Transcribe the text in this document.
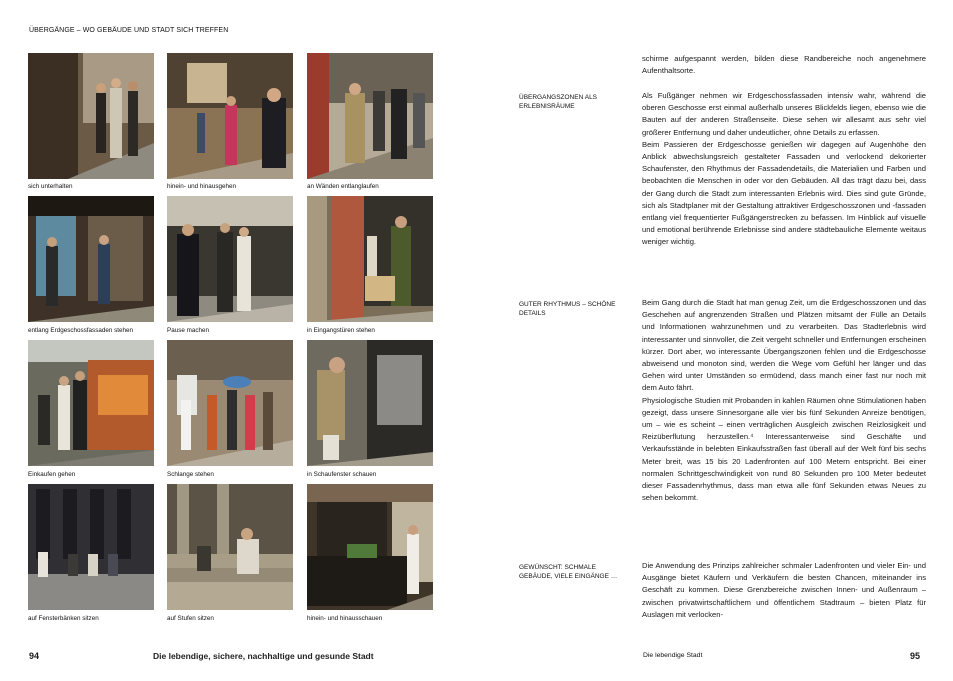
ÜBERGÄNGE – WO GEBÄUDE UND STADT SICH TREFFEN
sich unterhalten	hinein- und hinausgehen	an Wänden entlanglaufen
entlang Erdgeschossfassaden stehen	Pause machen	in Eingangstüren stehen
Einkaufen gehen	Schlange stehen	in Schaufenster schauen
auf Fensterbänken sitzen	auf Stufen sitzen	hinein- und hinausschauen
94	Die lebendige, sichere, nachhaltige und gesunde Stadt
schirme aufgespannt werden, bilden diese Randbereiche noch angenehmere Aufenthaltsorte.
ÜBERGANGSZONEN ALS ERLEBNISRÄUME

Als Fußgänger nehmen wir Erdgeschossfassaden intensiv wahr, während die oberen Geschosse erst einmal außerhalb unseres Blickfelds liegen, ebenso wie die Bauten auf der anderen Straßenseite. Diese sehen wir allesamt aus sehr viel größerer Entfernung und daher undeutlicher, ohne Details zu erfassen.

Beim Passieren der Erdgeschosse genießen wir dagegen auf Augenhöhe den Anblick abwechslungsreich gestalteter Fassaden und verlockend dekorierter Schaufenster, den Rhythmus der Fassadendetails, die Materialien und Farben und beobachten die Menschen in oder vor den Gebäuden. All das trägt dazu bei, dass der Gang durch die Stadt zum interessanten Erlebnis wird. Dies sind gute Gründe, sich als Stadtplaner mit der Gestaltung attraktiver Erdgeschosszonen und -fassaden entlang viel frequentierter Fußgängerstrecken zu befassen. Im Hinblick auf visuelle und emotional berührende Erlebnisse sind andere städtebauliche Elemente weitaus weniger wichtig.

GUTER RHYTHMUS – SCHÖNE DETAILS

Beim Gang durch die Stadt hat man genug Zeit, um die Erdgeschosszonen und das Geschehen auf angrenzenden Straßen und Plätzen mitsamt der Fülle an Details und Informationen wahrzunehmen und zu verarbeiten. Das Stadterlebnis wird interessanter und sinnvoller, die Zeit vergeht schneller und Entfernungen erscheinen kürzer. Dort aber, wo interessante Übergangszonen fehlen und die Erdgeschosse abweisend und monoton sind, werden die Wege vom Gefühl her länger und das Gehen wird unter Umständen so ermüdend, dass manch einer fast nur noch mit dem Auto fährt.

Physiologische Studien mit Probanden in kahlen Räumen ohne Stimulationen haben gezeigt, dass unsere Sinnesorgane alle vier bis fünf Sekunden Anreize benötigen, um – wie es scheint – einen verträglichen Ausgleich zwischen Reizlosigkeit und Reizüberflutung herzustellen.⁴ Interessanterweise sind Geschäfte und Verkaufsstände in belebten Einkaufsstraßen fast überall auf der Welt fünf bis sechs Meter breit, was 15 bis 20 Ladenfronten auf 100 Metern entspricht. Bei einer normalen Schrittgeschwindigkeit von rund 80 Sekunden pro 100 Meter bedeutet dieser Fassadenrhythmus, dass man etwa alle fünf Sekunden etwas Neues zu sehen bekommt.

GEWÜNSCHT: SCHMALE GEBÄUDE, VIELE EINGÄNGE …

Die Anwendung des Prinzips zahlreicher schmaler Ladenfronten und vieler Ein- und Ausgänge bietet Käufern und Verkäufern die besten Chancen, miteinander ins Geschäft zu kommen. Diese Grenzbereiche zwischen Innen- und Außenraum – zwischen privatwirtschaftlichem und öffentlichem Stadtraum – bieten Platz für Auslagen mit verlocken-

Die lebendige Stadt	95
